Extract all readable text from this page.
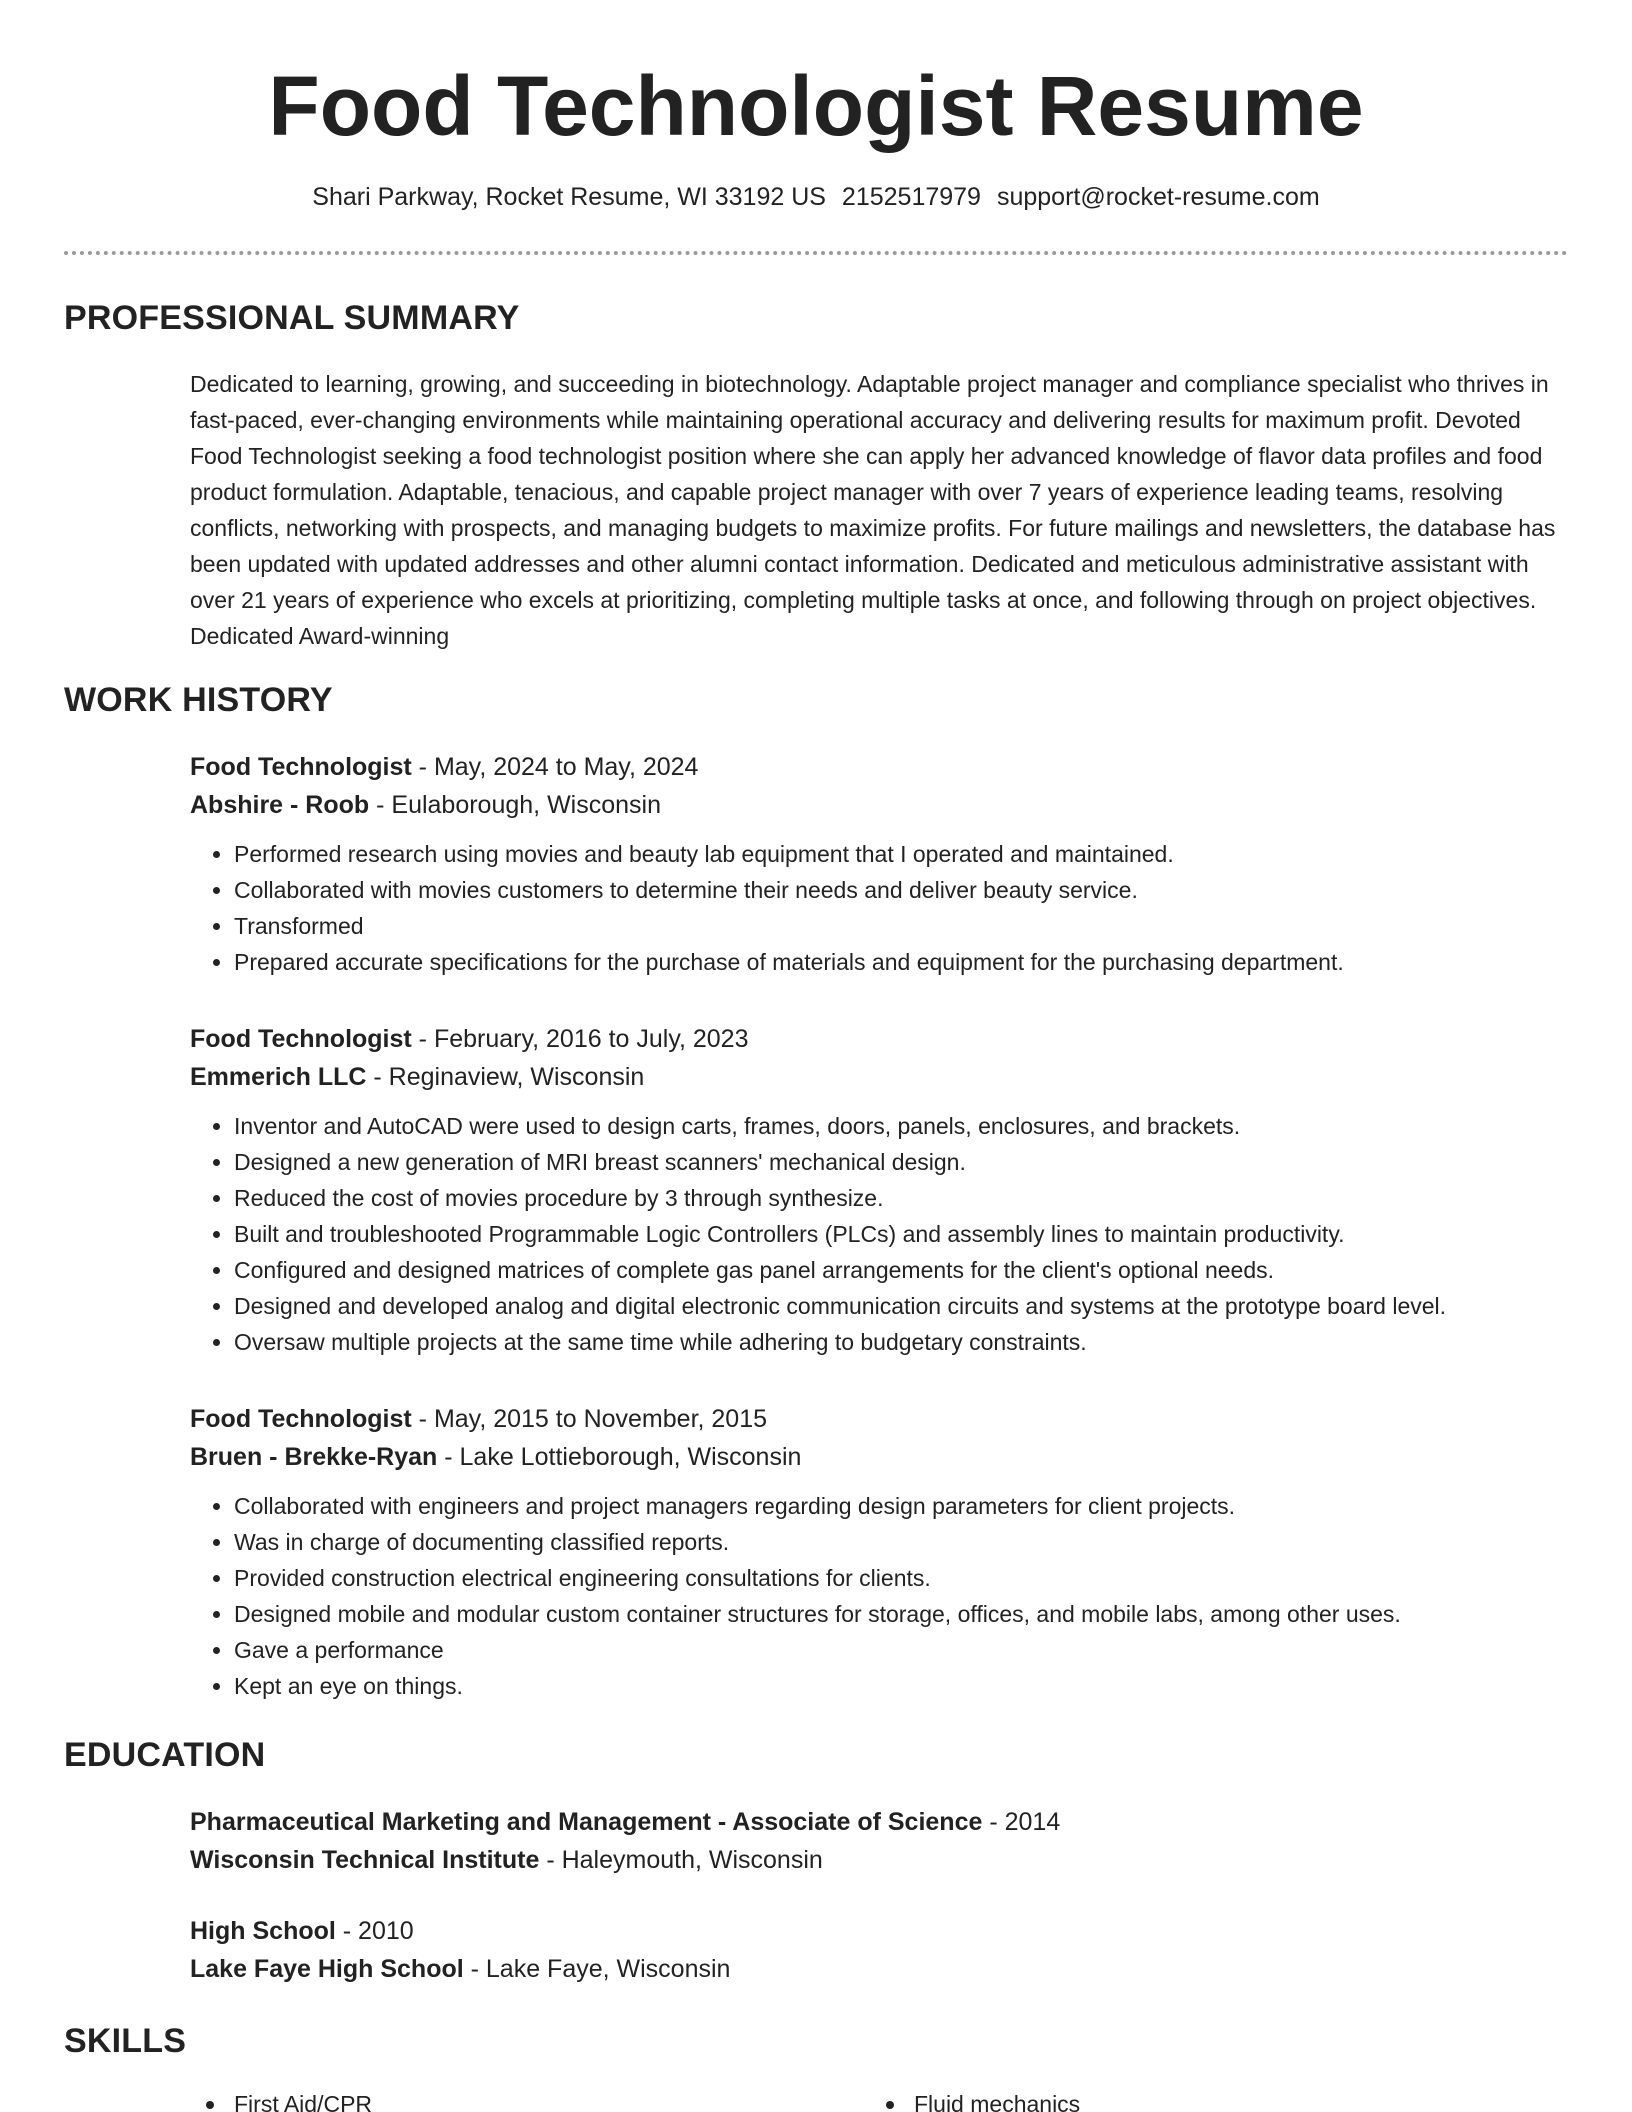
Food Technologist Resume
Shari Parkway, Rocket Resume, WI 33192 US 2152517979 support@rocket-resume.com
PROFESSIONAL SUMMARY

Dedicated to learning, growing, and succeeding in biotechnology. Adaptable project manager and compliance specialist who thrives in fast-paced, ever-changing environments while maintaining operational accuracy and delivering results for maximum profit. Devoted Food Technologist seeking a food technologist position where she can apply her advanced knowledge of flavor data profiles and food product formulation. Adaptable, tenacious, and capable project manager with over 7 years of experience leading teams, resolving conflicts, networking with prospects, and managing budgets to maximize profits. For future mailings and newsletters, the database has been updated with updated addresses and other alumni contact information. Dedicated and meticulous administrative assistant with over 21 years of experience who excels at prioritizing, completing multiple tasks at once, and following through on project objectives. Dedicated Award-winning

WORK HISTORY
Food Technologist - May, 2024 to May, 2024
Abshire - Roob - Eulaborough, Wisconsin
• Performed research using movies and beauty lab equipment that I operated and maintained.
• Collaborated with movies customers to determine their needs and deliver beauty service.
• Transformed
• Prepared accurate specifications for the purchase of materials and equipment for the purchasing department.
Food Technologist - February, 2016 to July, 2023
Emmerich LLC - Reginaview, Wisconsin
• Inventor and AutoCAD were used to design carts, frames, doors, panels, enclosures, and brackets.
• Designed a new generation of MRI breast scanners' mechanical design.
• Reduced the cost of movies procedure by 3 through synthesize.
• Built and troubleshooted Programmable Logic Controllers (PLCs) and assembly lines to maintain productivity.
• Configured and designed matrices of complete gas panel arrangements for the client's optional needs.
• Designed and developed analog and digital electronic communication circuits and systems at the prototype board level.
• Oversaw multiple projects at the same time while adhering to budgetary constraints.
Food Technologist - May, 2015 to November, 2015
Bruen - Brekke-Ryan - Lake Lottieborough, Wisconsin
• Collaborated with engineers and project managers regarding design parameters for client projects.
• Was in charge of documenting classified reports.
• Provided construction electrical engineering consultations for clients.
• Designed mobile and modular custom container structures for storage, offices, and mobile labs, among other uses.
• Gave a performance
• Kept an eye on things.
EDUCATION
Pharmaceutical Marketing and Management - Associate of Science - 2014
Wisconsin Technical Institute - Haleymouth, Wisconsin
High School - 2010
Lake Faye High School - Lake Faye, Wisconsin
SKILLS
First Aid/CPR	Fluid mechanics
